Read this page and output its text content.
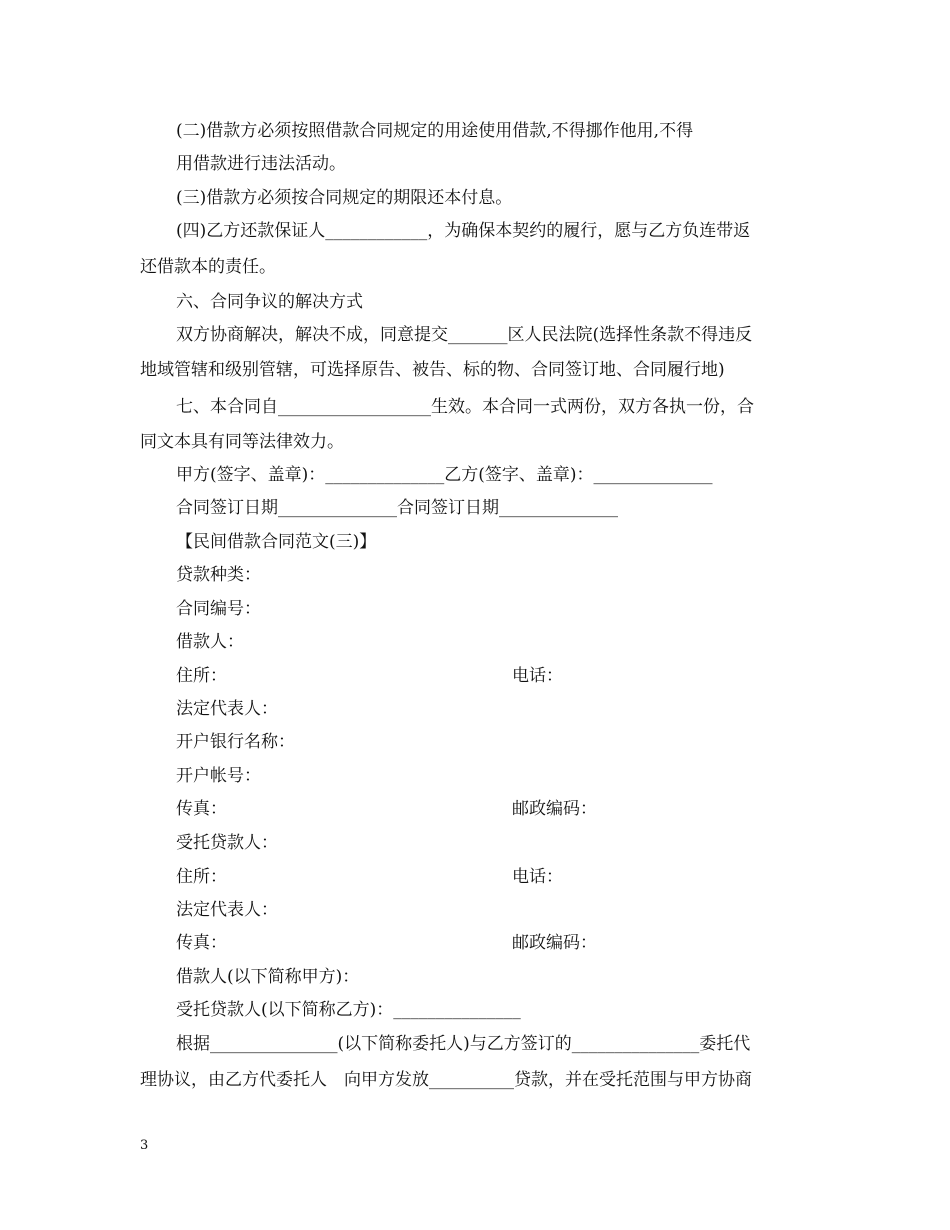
(二)借款方必须按照借款合同规定的用途使用借款,不得挪作他用,不得
用借款进行违法活动。
(三)借款方必须按合同规定的期限还本付息。
(四)乙方还款保证人____________，为确保本契约的履行，愿与乙方负连带返
还借款本的责任。
六、合同争议的解决方式
双方协商解决，解决不成，同意提交_______区人民法院(选择性条款不得违反
地域管辖和级别管辖，可选择原告、被告、标的物、合同签订地、合同履行地)
七、本合同自__________________生效。本合同一式两份，双方各执一份，合
同文本具有同等法律效力。
甲方(签字、盖章)：______________乙方(签字、盖章)：______________
合同签订日期______________合同签订日期______________
【民间借款合同范文(三)】
贷款种类：
合同编号：
借款人：
住所：	电话：
法定代表人：
开户银行名称：
开户帐号：
传真：	邮政编码：
受托贷款人：
住所：	电话：
法定代表人：
传真：	邮政编码：
借款人(以下简称甲方)：
受托贷款人(以下简称乙方)：_______________
根据_______________(以下简称委托人)与乙方签订的_______________委托代
理协议，由乙方代委托人　向甲方发放__________贷款，并在受托范围与甲方协商
3
